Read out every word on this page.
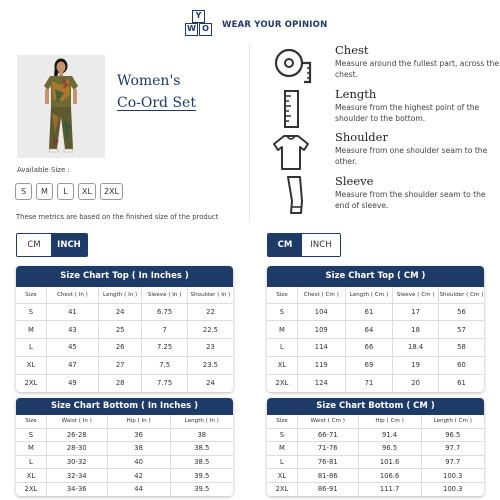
Y
O
W	WEAR YOUR OPINION
Women's
Co-Ord Set
Available Size :
S	M	L	XL	2XL
These metrics are based on the finished size of the product
CM	INCH	CM	INCH
Chest

Measure around the fullest part, across the chest.

Length

Measure from the highest point of the shoulder to the bottom.

Shoulder

Measure from one shoulder seam to the other.

Sleeve

Measure from the shoulder seam to the end of sleeve.

Size Chart Top ( In Inches )
Size	Chest ( In )	Length ( In )	Sleeve ( In )	Shoulder ( In )
S	41	24	6.75	22
M	43	25	7	22.5
L	45	26	7.25	23
XL	47	27	7.5	23.5
2XL	49	28	7.75	24
Size Chart Top ( CM )
Size	Chest ( Cm )	Length ( Cm )	Sleeve ( Cm )	Shoulder ( Cm )
S	104	61	17	56
M	109	64	18	57
L	114	66	18.4	58
XL	119	69	19	60
2XL	124	71	20	61
Size Chart Bottom ( In Inches )
Size	Waist ( In )	Hip ( In )	Length ( In )
S	26-28	36	38
M	28-30	38	38.5
L	30-32	40	38.5
XL	32-34	42	39.5
2XL	34-36	44	39.5
Size Chart Bottom ( CM )
Size	Waist ( Cm )	Hip ( Cm )	Length ( Cm )
S	66-71	91.4	96.5
M	71-76	96.5	97.7
L	76-81	101.6	97.7
XL	81-86	106.6	100.3
2XL	86-91	111.7	100.3
